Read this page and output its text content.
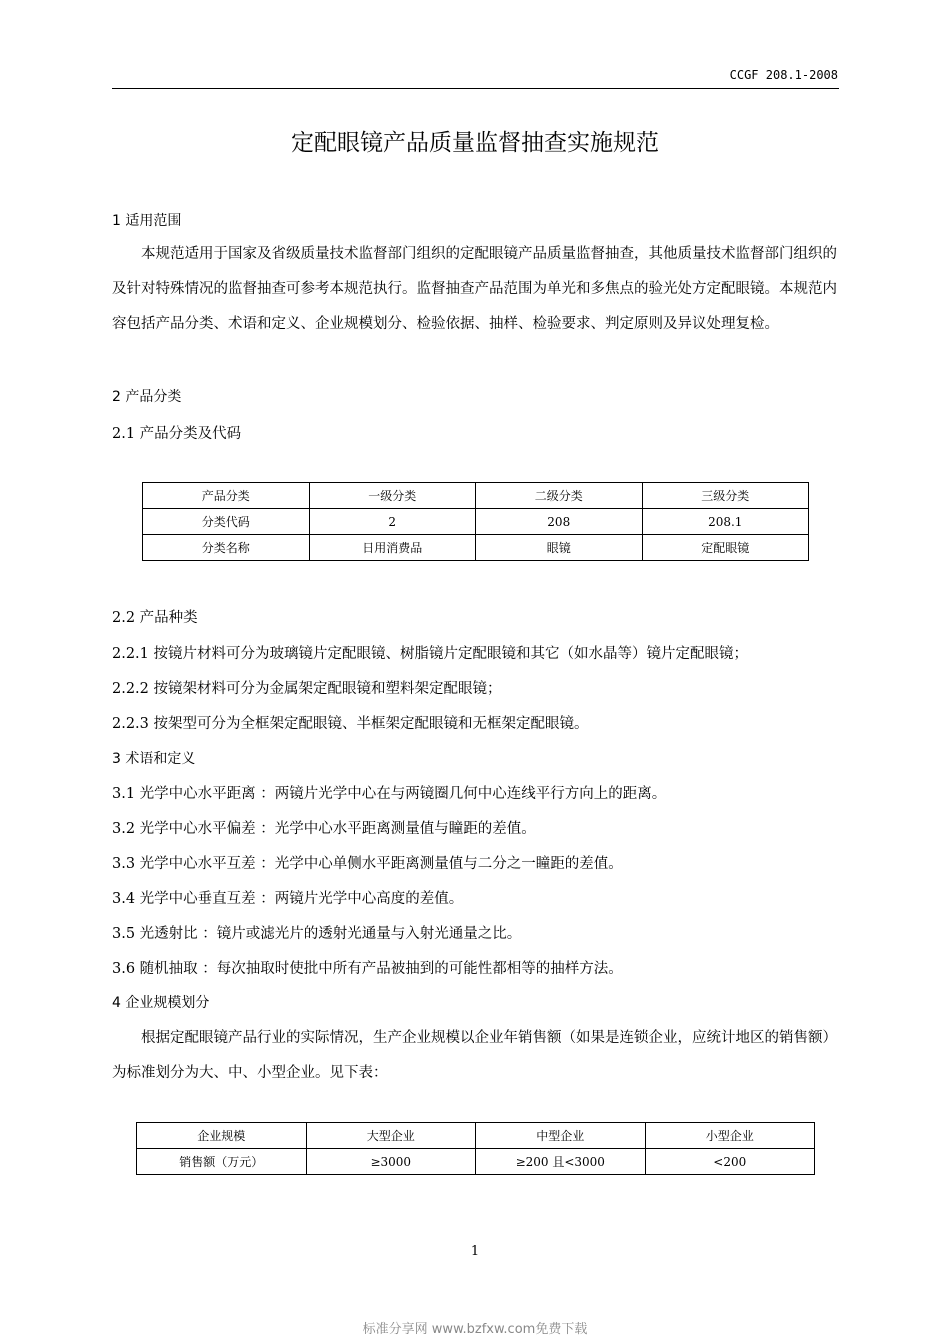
CCGF 208.1-2008
定配眼镜产品质量监督抽查实施规范
1 适用范围

本规范适用于国家及省级质量技术监督部门组织的定配眼镜产品质量监督抽查，其他质量技术监督部门组织的及针对特殊情况的监督抽查可参考本规范执行。监督抽查产品范围为单光和多焦点的验光处方定配眼镜。本规范内容包括产品分类、术语和定义、企业规模划分、检验依据、抽样、检验要求、判定原则及异议处理复检。

2 产品分类
2.1 产品分类及代码
产品分类	一级分类	二级分类	三级分类
分类代码	2	208	208.1
分类名称	日用消费品	眼镜	定配眼镜
2.2 产品种类
2.2.1 按镜片材料可分为玻璃镜片定配眼镜、树脂镜片定配眼镜和其它（如水晶等）镜片定配眼镜；
2.2.2 按镜架材料可分为金属架定配眼镜和塑料架定配眼镜；
2.2.3 按架型可分为全框架定配眼镜、半框架定配眼镜和无框架定配眼镜。
3 术语和定义
3.1 光学中心水平距离 ：两镜片光学中心在与两镜圈几何中心连线平行方向上的距离。
3.2 光学中心水平偏差 ：光学中心水平距离测量值与瞳距的差值。
3.3 光学中心水平互差 ：光学中心单侧水平距离测量值与二分之一瞳距的差值。
3.4 光学中心垂直互差 ：两镜片光学中心高度的差值。
3.5 光透射比 ：镜片或滤光片的透射光通量与入射光通量之比。
3.6 随机抽取 ：每次抽取时使批中所有产品被抽到的可能性都相等的抽样方法。
4 企业规模划分

根据定配眼镜产品行业的实际情况，生产企业规模以企业年销售额（如果是连锁企业，应统计地区的销售额）为标准划分为大、中、小型企业。见下表：

企业规模	大型企业	中型企业	小型企业
销售额（万元）	≥3000	≥200 且<3000	<200
1
标准分享网 www.bzfxw.com免费下载
